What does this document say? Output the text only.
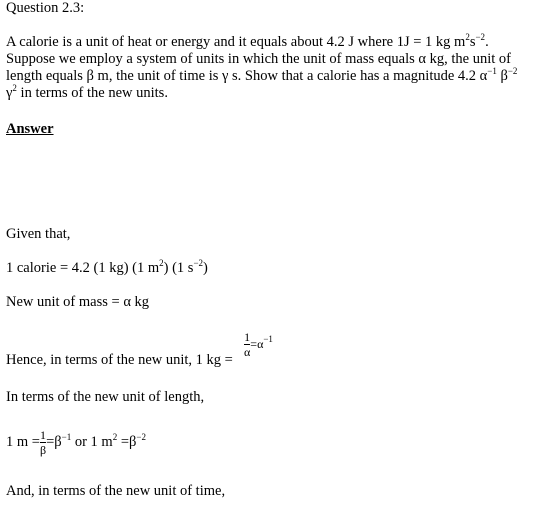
Question 2.3:
A calorie is a unit of heat or energy and it equals about 4.2 J where 1J = 1 kg $m^2s^{-2}$.
Suppose we employ a system of units in which the unit of mass equals α kg, the unit of
length equals β m, the unit of time is γ s. Show that a calorie has a magnitude 4.2 $\alpha^{-1}$ $\beta^{-2}$
$\gamma^2$ in terms of the new units.
Answer
Given that,
1 calorie = 4.2 (1 kg) (1 $m^2$) (1 $s^{-2}$)
New unit of mass = α kg
Hence, in terms of the new unit, 1 kg =
$\frac{1}{\alpha} =\alpha^{-1}$
In terms of the new unit of length,
1 $m = \frac{1}{\beta} =\beta^{-1}$ or 1 $m^2 =\beta^{-2}$
And, in terms of the new unit of time,
